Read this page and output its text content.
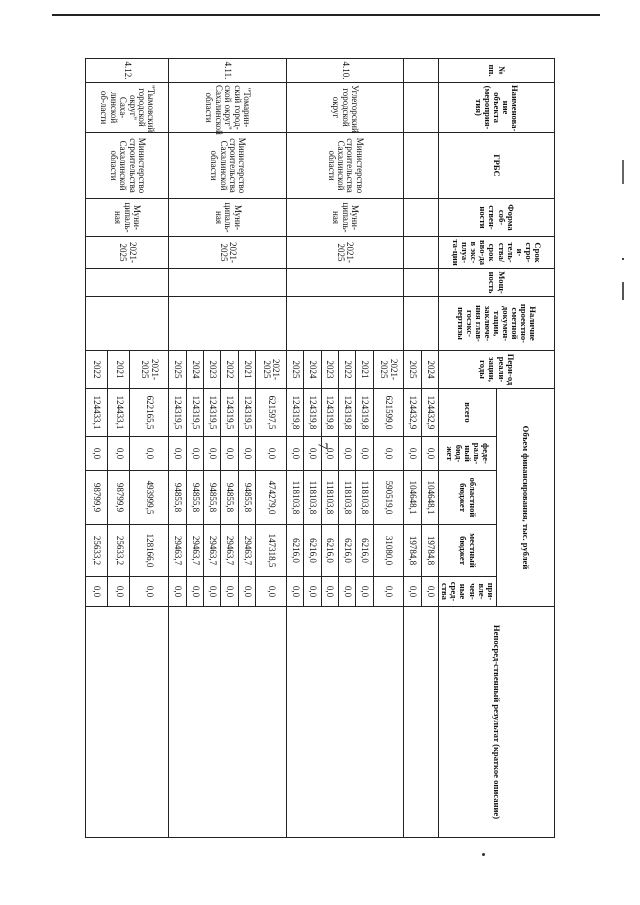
7
№ пп.	Наименова-ние объекта (мероприя-тия)	ГРБС	Форма соб-ствен-ности	Срок стро-и-тель-ства/ срок вво-да в экс-плуа-та-ции	Мощ-ность	Наличие проектно-сметной докумен-тации, заключе-ния глав-госэкс-пертизы	Пери-од реали-зации, годы	Объем финансирования, тыс. рублей					Непосред-ственный результат (краткое описание)
								всего	феде-раль-ный бюд-жет	областной бюджет	местный бюджет	при-вле-чен-ные сред-ства	
							2024	124432,9	0,0	104648,1	19784,8	0,0	
							2025	124432,9	0,0	104648,1	19784,8	0,0	
4.10.	Углегорский городской округ	Министерство строительства Сахалинской области	Муни-ципаль-ная	2021-2025			2021-2025	621599,0	0,0	590519,0	31080,0	0,0	
							2021	124319,8	0,0	118103,8	6216,0	0,0	
							2022	124319,8	0,0	118103,8	6216,0	0,0	
							2023	124319,8	0,0	118103,8	6216,0	0,0	
							2024	124319,8	0,0	118103,8	6216,0	0,0	
							2025	124319,8	0,0	118103,8	6216,0	0,0	
4.11.	"Томарин-ский город-ской округ" Сахалинской области	Министерство строительства Сахалинской области	Муни-ципаль-ная	2021-2025			2021-2025	621597,5	0,0	474279,0	147318,5	0,0	
							2021	124319,5	0,0	94855,8	29463,7	0,0	
							2022	124319,5	0,0	94855,8	29463,7	0,0	
							2023	124319,5	0,0	94855,8	29463,7	0,0	
							2024	124319,5	0,0	94855,8	29463,7	0,0	
							2025	124319,5	0,0	94855,8	29463,7	0,0	
4.12.	"Тымовский городской округ" Саха-линской об-ласти	Министерство строительства Сахалинской области	Муни-ципаль-ная	2021-2025			2021-2025	622165,5	0,0	493999,5	128166,0	0,0	
							2021	124433,1	0,0	98799,9	25633,2	0,0	
							2022	124433,1	0,0	98799,9	25633,2	0,0	
